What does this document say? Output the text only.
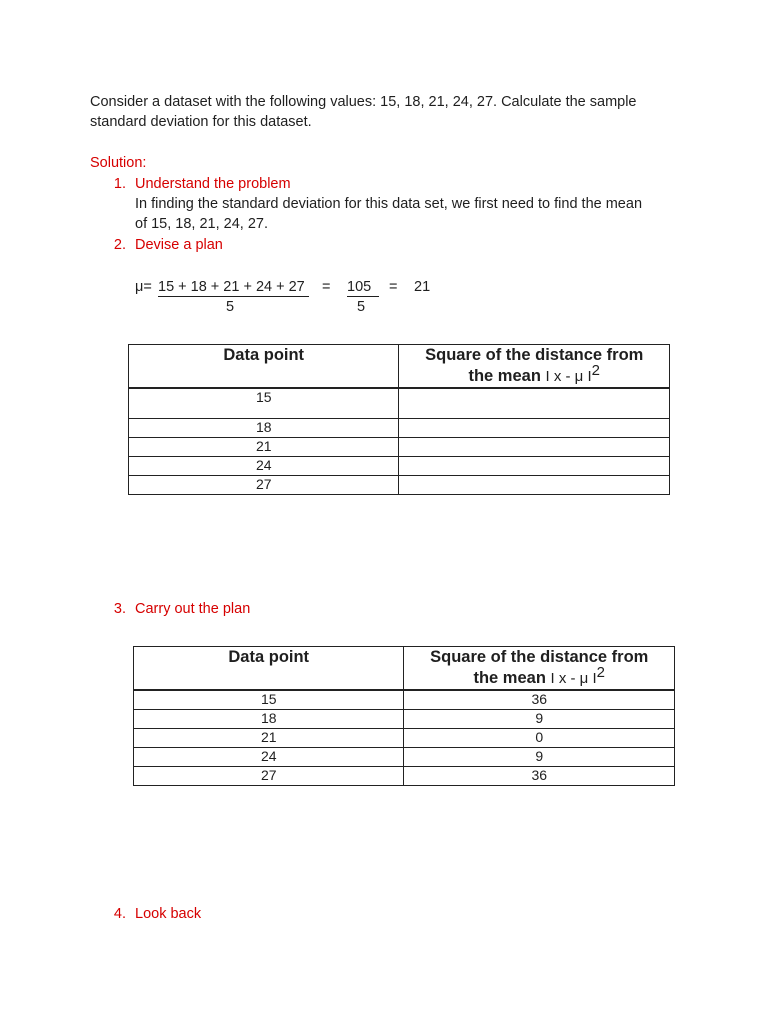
Consider a dataset with the following values: 15, 18, 21, 24, 27. Calculate the sample
standard deviation for this dataset.
Solution:
1. Understand the problem
In finding the standard deviation for this data set, we first need to find the mean
of 15, 18, 21, 24, 27.
2. Devise a plan
μ= 15 + 18 + 21 + 24 + 27
5
= 105
5
= 21
Data point	Square of the distance from
the mean I x - μ $I^2$

15	
18	
21	
24	
27	
3. Carry out the plan
Data point	Square of the distance from
the mean I x - μ $I^2$

15	36
18	9
21	0
24	9
27	36
4. Look back
